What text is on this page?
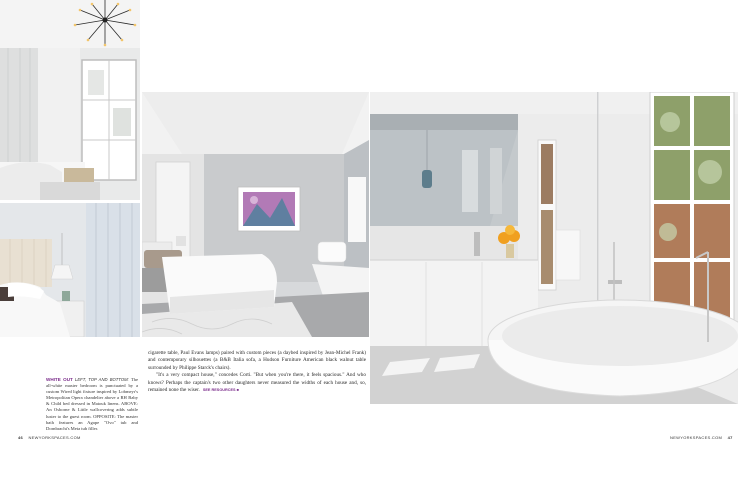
WHITE OUT LEFT, TOP AND BOTTOM: The all-white master bedroom is punctuated by a custom Wired light fixture inspired by Lobmeyr's Metropolitan Opera chandelier above a RH Baby & Child bed dressed in Matouk linens. ABOVE: An Osborne & Little wallcovering adds subtle luster to the guest room. OPPOSITE: The master bath features an Agape "Ovo" tub and Dornbracht's Meta tub filler.

cigarette table, Paul Evans lamps) paired with custom pieces (a daybed inspired by Jean-Michel Frank) and contemporary silhouettes (a B&B Italia sofa, a Hudson Furniture American black walnut table surrounded by Philippe Starck's chairs).

"It's a very compact house," concedes Corti. "But when you're there, it feels spacious." And who knows? Perhaps the captain's two other daughters never measured the widths of each house and, so, remained none the wiser. SEE RESOURCES ■

46 NEWYORKSPACES.COM	NEWYORKSPACES.COM 47
